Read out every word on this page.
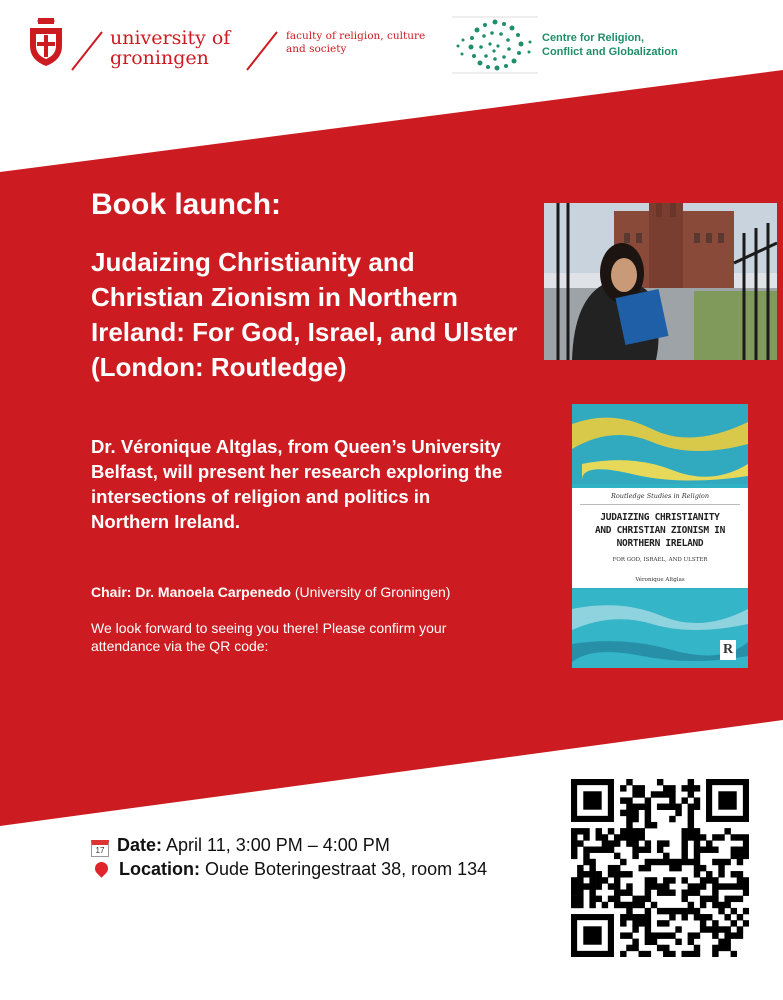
university of
groningen
faculty of religion, culture
and society
Centre for Religion,
Conflict and Globalization
Book launch:
Judaizing Christianity and Christian Zionism in Northern Ireland: For God, Israel, and Ulster (London: Routledge)
Dr. Véronique Altglas, from Queen’s University Belfast, will present her research exploring the intersections of religion and politics in Northern Ireland.
Chair: Dr. Manoela Carpenedo (University of Groningen)
We look forward to seeing you there! Please confirm your attendance via the QR code:
Routledge Studies in Religion
JUDAIZING CHRISTIANITY
AND CHRISTIAN ZIONISM IN
NORTHERN IRELAND
FOR GOD, ISRAEL, AND ULSTER
Véronique Altglas
R
17 Date: April 11, 3:00 PM – 4:00 PM
Location: Oude Boteringestraat 38, room 134
